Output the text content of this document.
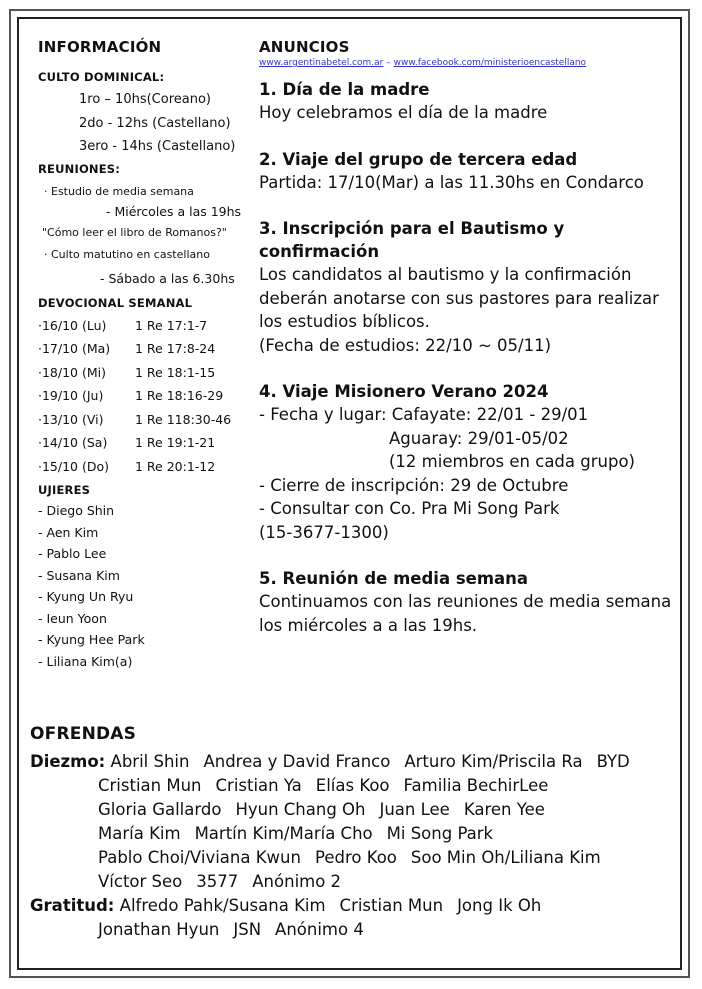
INFORMACIÓN
CULTO DOMINICAL:
1ro – 10hs(Coreano)
2do - 12hs (Castellano)
3ero - 14hs (Castellano)
REUNIONES:
· Estudio de media semana
- Miércoles a las 19hs
"Cómo leer el libro de Romanos?"
· Culto matutino en castellano
- Sábado a las 6.30hs
DEVOCIONAL SEMANAL
·16/10 (Lu)	1 Re 17:1-7
·17/10 (Ma)	1 Re 17:8-24
·18/10 (Mi)	1 Re 18:1-15
·19/10 (Ju)	1 Re 18:16-29
·13/10 (Vi)	1 Re 118:30-46
·14/10 (Sa)	1 Re 19:1-21
·15/10 (Do)	1 Re 20:1-12
UJIERES
- Diego Shin
- Aen Kim
- Pablo Lee
- Susana Kim
- Kyung Un Ryu
- Ieun Yoon
- Kyung Hee Park
- Liliana Kim(a)
ANUNCIOS
www.argentinabetel.com.ar – www.facebook.com/ministerioencastellano
1. Día de la madre
Hoy celebramos el día de la madre
2. Viaje del grupo de tercera edad
Partida: 17/10(Mar) a las 11.30hs en Condarco
3. Inscripción para el Bautismo y confirmación
Los candidatos al bautismo y la confirmación
deberán anotarse con sus pastores para realizar
los estudios bíblicos.
(Fecha de estudios: 22/10 ~ 05/11)
4. Viaje Misionero Verano 2024
- Fecha y lugar: Cafayate: 22/01 - 29/01
Aguaray: 29/01-05/02
(12 miembros en cada grupo)
- Cierre de inscripción: 29 de Octubre
- Consultar con Co. Pra Mi Song Park
(15-3677-1300)
5. Reunión de media semana
Continuamos con las reuniones de media semana
los miércoles a a las 19hs.
OFRENDAS
Diezmo: Abril Shin Andrea y David Franco Arturo Kim/Priscila Ra BYD
Cristian Mun Cristian Ya Elías Koo Familia BechirLee
Gloria Gallardo Hyun Chang Oh Juan Lee Karen Yee
María Kim Martín Kim/María Cho Mi Song Park
Pablo Choi/Viviana Kwun Pedro Koo Soo Min Oh/Liliana Kim
Víctor Seo 3577 Anónimo 2
Gratitud: Alfredo Pahk/Susana Kim Cristian Mun Jong Ik Oh
Jonathan Hyun JSN Anónimo 4
